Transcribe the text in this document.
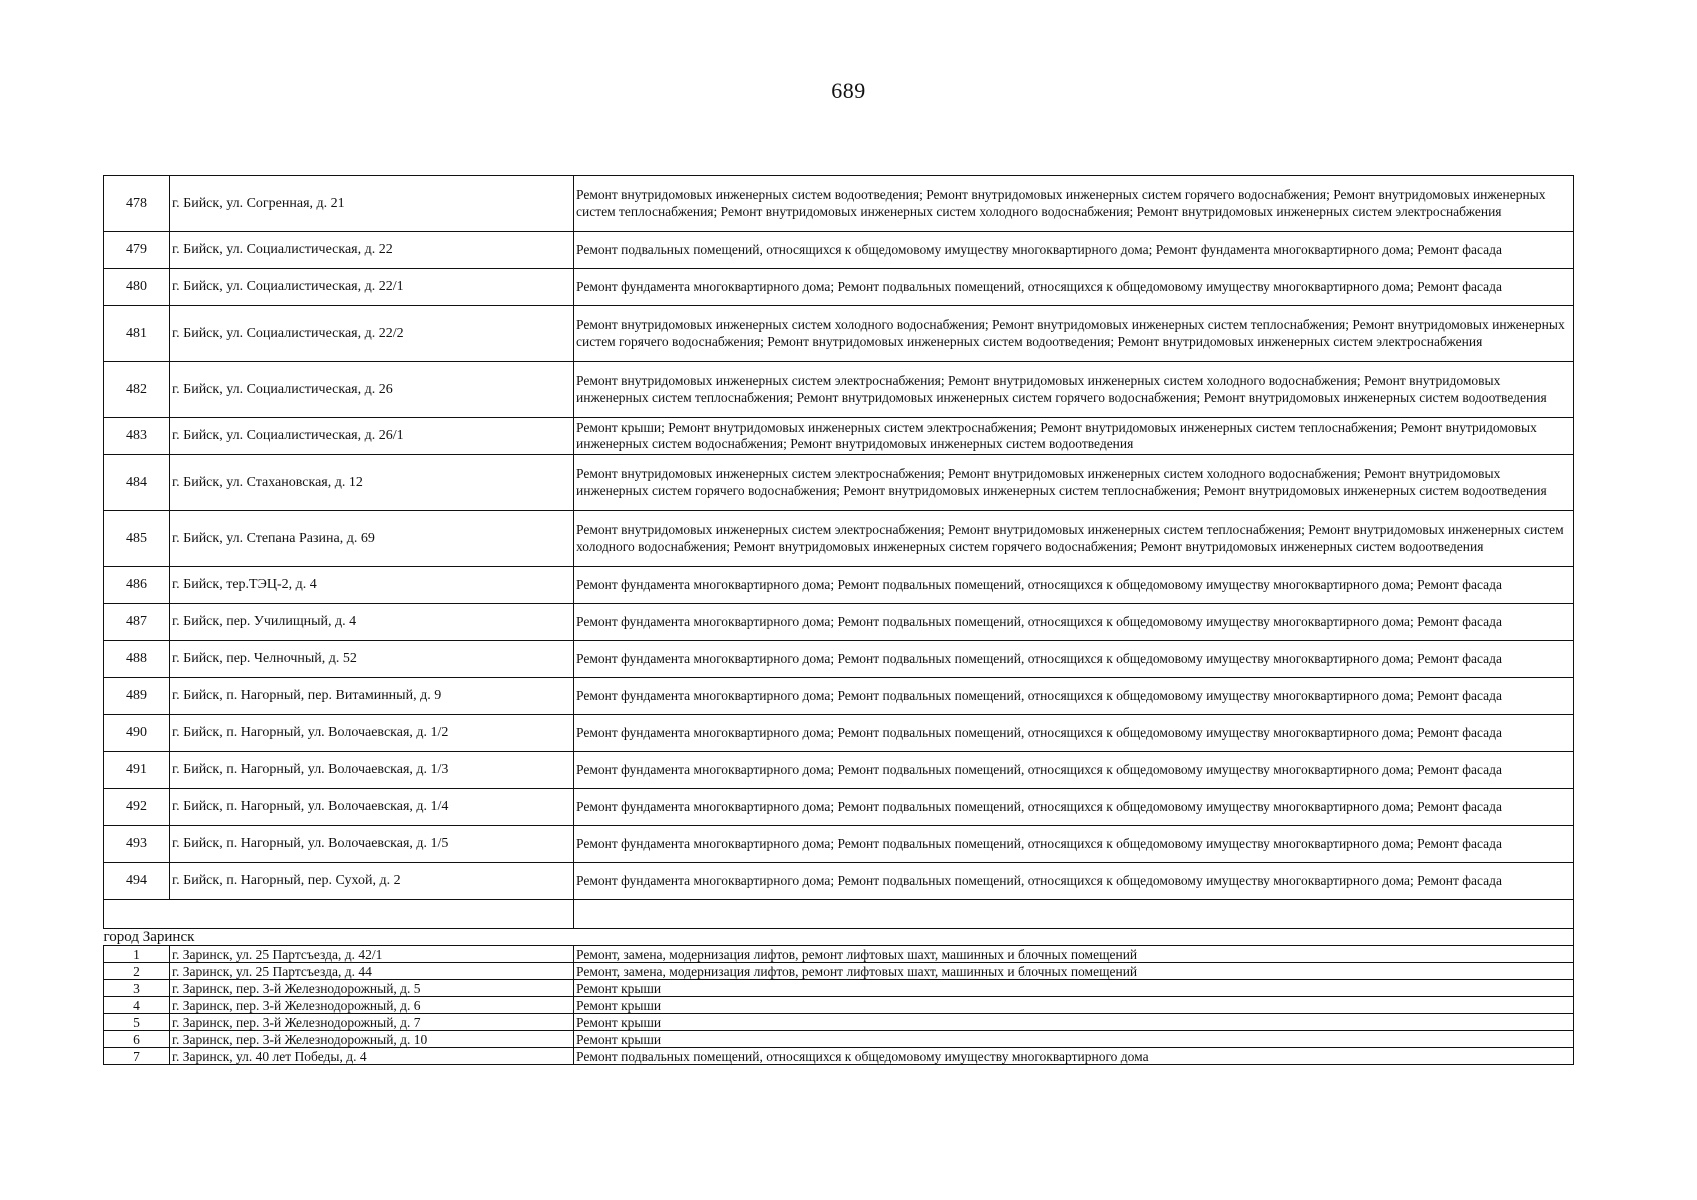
689
478	г. Бийск, ул. Согренная, д. 21	Ремонт внутридомовых инженерных систем водоотведения; Ремонт внутридомовых инженерных систем горячего водоснабжения; Ремонт внутридомовых инженерных систем теплоснабжения; Ремонт внутридомовых инженерных систем холодного водоснабжения; Ремонт внутридомовых инженерных систем электроснабжения
479	г. Бийск, ул. Социалистическая, д. 22	Ремонт подвальных помещений, относящихся к общедомовому имуществу многоквартирного дома; Ремонт фундамента многоквартирного дома; Ремонт фасада
480	г. Бийск, ул. Социалистическая, д. 22/1	Ремонт фундамента многоквартирного дома; Ремонт подвальных помещений, относящихся к общедомовому имуществу многоквартирного дома; Ремонт фасада
481	г. Бийск, ул. Социалистическая, д. 22/2	Ремонт внутридомовых инженерных систем холодного водоснабжения; Ремонт внутридомовых инженерных систем теплоснабжения; Ремонт внутридомовых инженерных систем горячего водоснабжения; Ремонт внутридомовых инженерных систем водоотведения; Ремонт внутридомовых инженерных систем электроснабжения
482	г. Бийск, ул. Социалистическая, д. 26	Ремонт внутридомовых инженерных систем электроснабжения; Ремонт внутридомовых инженерных систем холодного водоснабжения; Ремонт внутридомовых инженерных систем теплоснабжения; Ремонт внутридомовых инженерных систем горячего водоснабжения; Ремонт внутридомовых инженерных систем водоотведения
483	г. Бийск, ул. Социалистическая, д. 26/1	Ремонт крыши; Ремонт внутридомовых инженерных систем электроснабжения; Ремонт внутридомовых инженерных систем теплоснабжения; Ремонт внутридомовых инженерных систем водоснабжения; Ремонт внутридомовых инженерных систем водоотведения
484	г. Бийск, ул. Стахановская, д. 12	Ремонт внутридомовых инженерных систем электроснабжения; Ремонт внутридомовых инженерных систем холодного водоснабжения; Ремонт внутридомовых инженерных систем горячего водоснабжения; Ремонт внутридомовых инженерных систем теплоснабжения; Ремонт внутридомовых инженерных систем водоотведения
485	г. Бийск, ул. Степана Разина, д. 69	Ремонт внутридомовых инженерных систем электроснабжения; Ремонт внутридомовых инженерных систем теплоснабжения; Ремонт внутридомовых инженерных систем холодного водоснабжения; Ремонт внутридомовых инженерных систем горячего водоснабжения; Ремонт внутридомовых инженерных систем водоотведения
486	г. Бийск, тер.ТЭЦ-2, д. 4	Ремонт фундамента многоквартирного дома; Ремонт подвальных помещений, относящихся к общедомовому имуществу многоквартирного дома; Ремонт фасада
487	г. Бийск, пер. Училищный, д. 4	Ремонт фундамента многоквартирного дома; Ремонт подвальных помещений, относящихся к общедомовому имуществу многоквартирного дома; Ремонт фасада
488	г. Бийск, пер. Челночный, д. 52	Ремонт фундамента многоквартирного дома; Ремонт подвальных помещений, относящихся к общедомовому имуществу многоквартирного дома; Ремонт фасада
489	г. Бийск, п. Нагорный, пер. Витаминный, д. 9	Ремонт фундамента многоквартирного дома; Ремонт подвальных помещений, относящихся к общедомовому имуществу многоквартирного дома; Ремонт фасада
490	г. Бийск, п. Нагорный, ул. Волочаевская, д. 1/2	Ремонт фундамента многоквартирного дома; Ремонт подвальных помещений, относящихся к общедомовому имуществу многоквартирного дома; Ремонт фасада
491	г. Бийск, п. Нагорный, ул. Волочаевская, д. 1/3	Ремонт фундамента многоквартирного дома; Ремонт подвальных помещений, относящихся к общедомовому имуществу многоквартирного дома; Ремонт фасада
492	г. Бийск, п. Нагорный, ул. Волочаевская, д. 1/4	Ремонт фундамента многоквартирного дома; Ремонт подвальных помещений, относящихся к общедомовому имуществу многоквартирного дома; Ремонт фасада
493	г. Бийск, п. Нагорный, ул. Волочаевская, д. 1/5	Ремонт фундамента многоквартирного дома; Ремонт подвальных помещений, относящихся к общедомовому имуществу многоквартирного дома; Ремонт фасада
494	г. Бийск, п. Нагорный, пер. Сухой, д. 2	Ремонт фундамента многоквартирного дома; Ремонт подвальных помещений, относящихся к общедомовому имуществу многоквартирного дома; Ремонт фасада

город Заринск		
1	г. Заринск, ул. 25 Партсъезда, д. 42/1	Ремонт, замена, модернизация лифтов, ремонт лифтовых шахт, машинных и блочных помещений
2	г. Заринск, ул. 25 Партсъезда, д. 44	Ремонт, замена, модернизация лифтов, ремонт лифтовых шахт, машинных и блочных помещений
3	г. Заринск, пер. 3-й Железнодорожный, д. 5	Ремонт крыши
4	г. Заринск, пер. 3-й Железнодорожный, д. 6	Ремонт крыши
5	г. Заринск, пер. 3-й Железнодорожный, д. 7	Ремонт крыши
6	г. Заринск, пер. 3-й Железнодорожный, д. 10	Ремонт крыши
7	г. Заринск, ул. 40 лет Победы, д. 4	Ремонт подвальных помещений, относящихся к общедомовому имуществу многоквартирного дома
